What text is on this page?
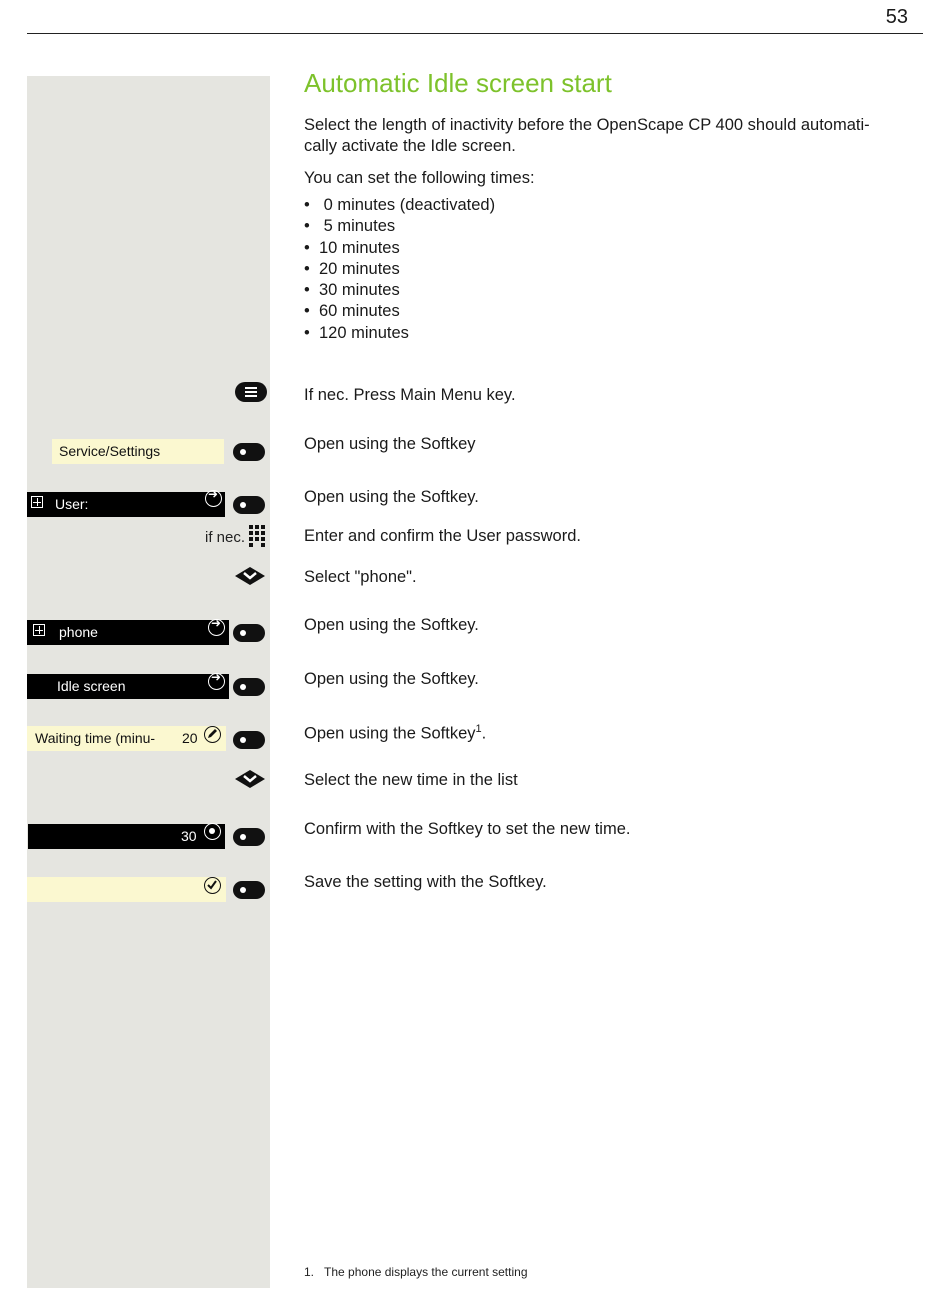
53
Automatic Idle screen start
Select the length of inactivity before the OpenScape CP 400 should automati-
cally activate the Idle screen.
You can set the following times:
• 0 minutes (deactivated)
• 5 minutes
• 10 minutes
• 20 minutes
• 30 minutes
• 60 minutes
• 120 minutes
If nec. Press Main Menu key.
Open using the Softkey
Open using the Softkey.
Enter and confirm the User password.
Select "phone".
Open using the Softkey.
Open using the Softkey.
Open using the Softkey$^1$.
Select the new time in the list
Confirm with the Softkey to set the new time.
Save the setting with the Softkey.
Service/Settings
User:
➜
if nec.
phone
➜
Idle screen
➜
Waiting time (minu- 20
30
1. The phone displays the current setting
